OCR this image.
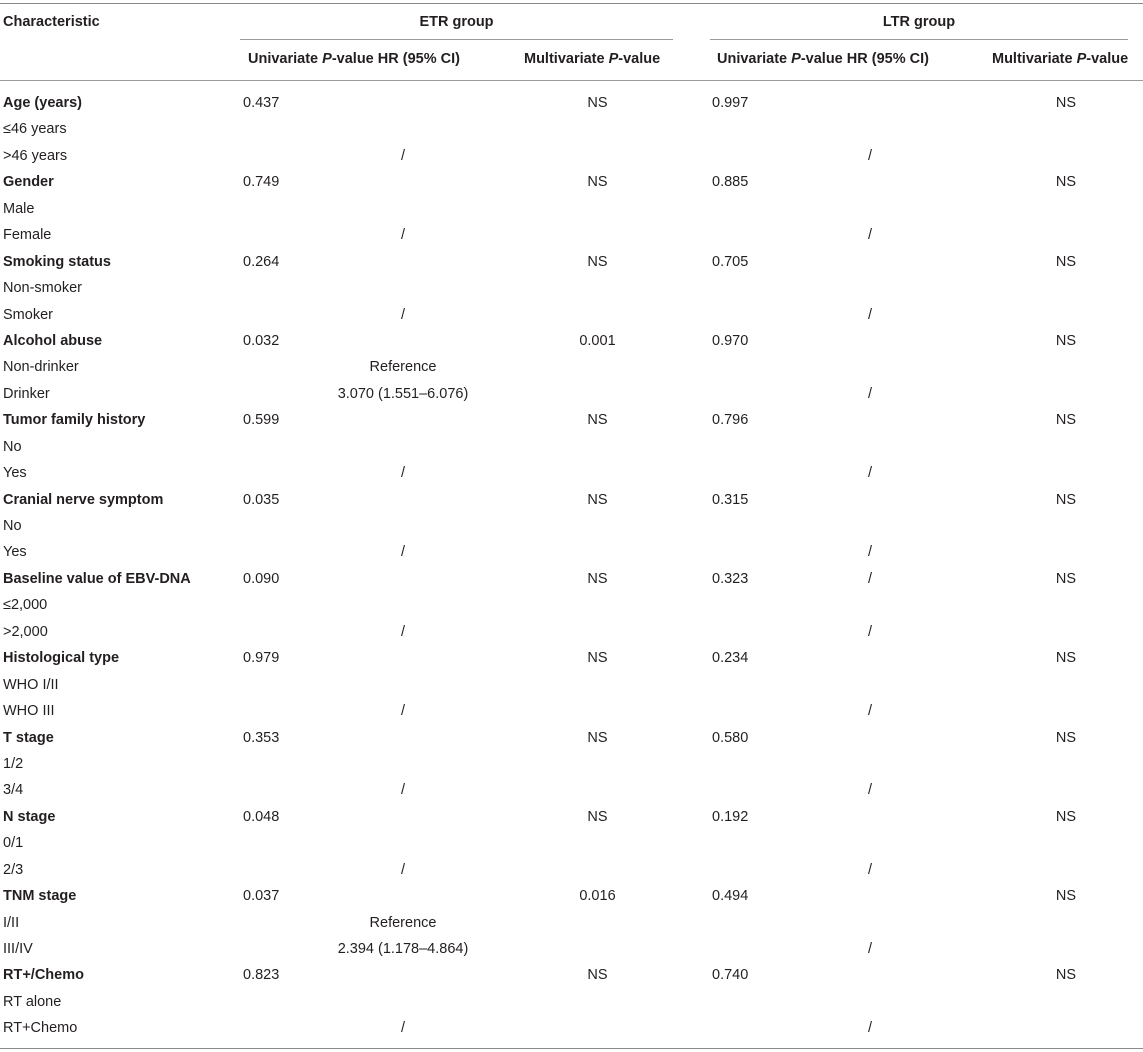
Characteristic	ETR group	LTR group
Univariate P-value HR (95% CI)	Multivariate P-value	Univariate P-value HR (95% CI)	Multivariate P-value
Age (years)	0.437	NS	0.997	NS
≤46 years
>46 years	/	/
Gender	0.749	NS	0.885	NS
Male
Female	/	/
Smoking status	0.264	NS	0.705	NS
Non-smoker
Smoker	/	/
Alcohol abuse	0.032	0.001	0.970	NS
Non-drinker	Reference
Drinker	3.070 (1.551–6.076)	/
Tumor family history	0.599	NS	0.796	NS
No
Yes	/	/
Cranial nerve symptom	0.035	NS	0.315	NS
No
Yes	/	/
Baseline value of EBV-DNA	0.090	NS	0.323	/	NS
≤2,000
>2,000	/	/
Histological type	0.979	NS	0.234	NS
WHO I/II
WHO III	/	/
T stage	0.353	NS	0.580	NS
1/2
3/4	/	/
N stage	0.048	NS	0.192	NS
0/1
2/3	/	/
TNM stage	0.037	0.016	0.494	NS
I/II	Reference
III/IV	2.394 (1.178–4.864)	/
RT+/Chemo	0.823	NS	0.740	NS
RT alone
RT+Chemo	/	/
